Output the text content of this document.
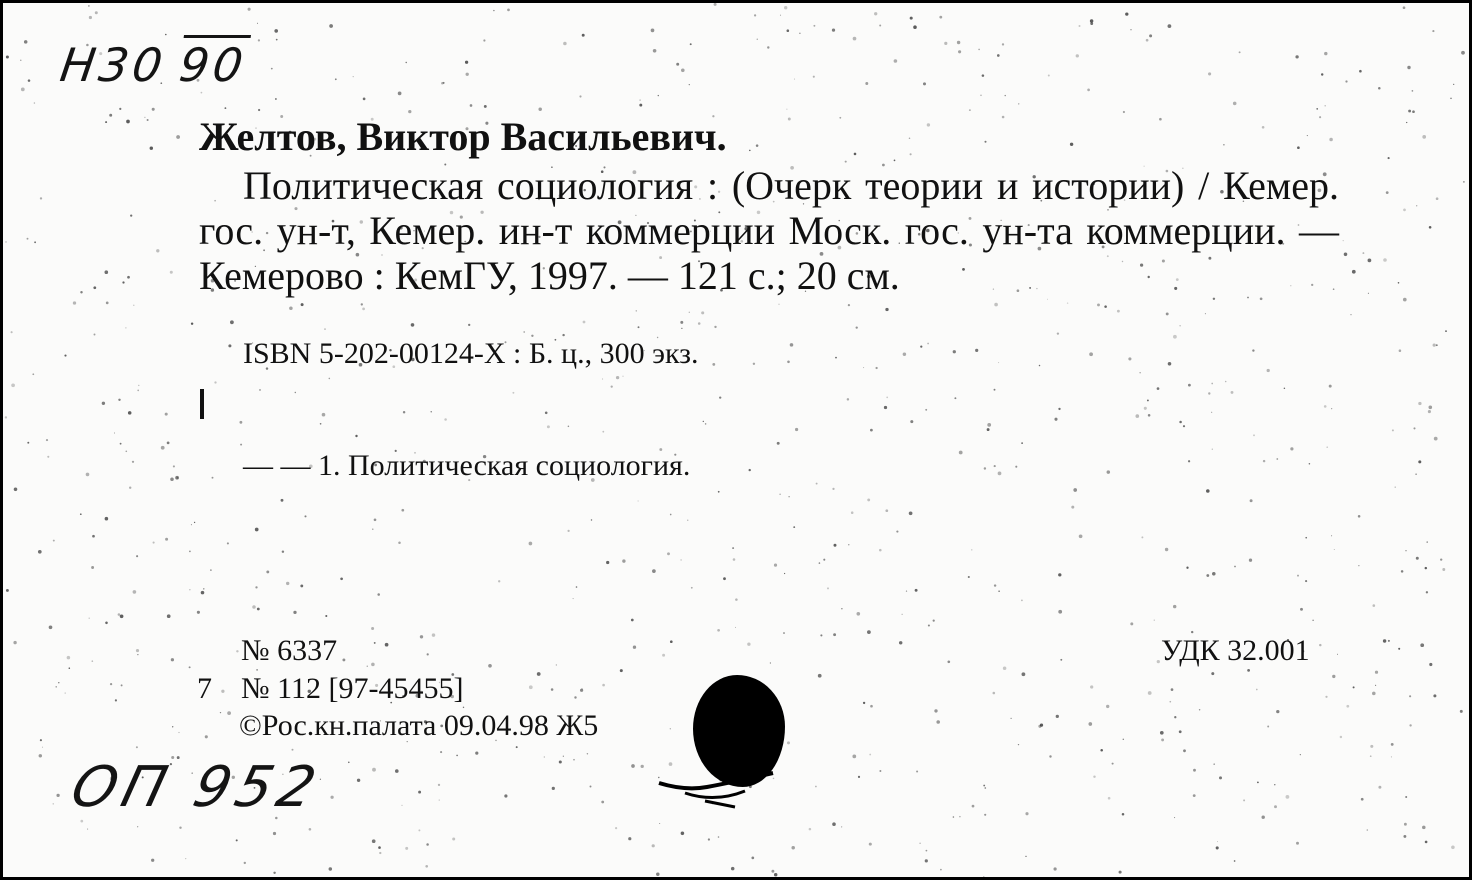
Н30 90
Желтов, Виктор Васильевич.

Политическая социология : (Очерк теории и истории) / Кемер. гос. ун-т, Кемер. ин-т коммерции Моск. гос. ун-та коммерции. — Кемерово : КемГУ, 1997. — 121 с.; 20 см.

ISBN 5-202-00124-X : Б. ц., 300 экз.
— — 1. Политическая социология.
№ 6337
7 № 112 [97-45455]
©Рос.кн.палата 09.04.98 Ж5
УДК 32.001
ОП 952
